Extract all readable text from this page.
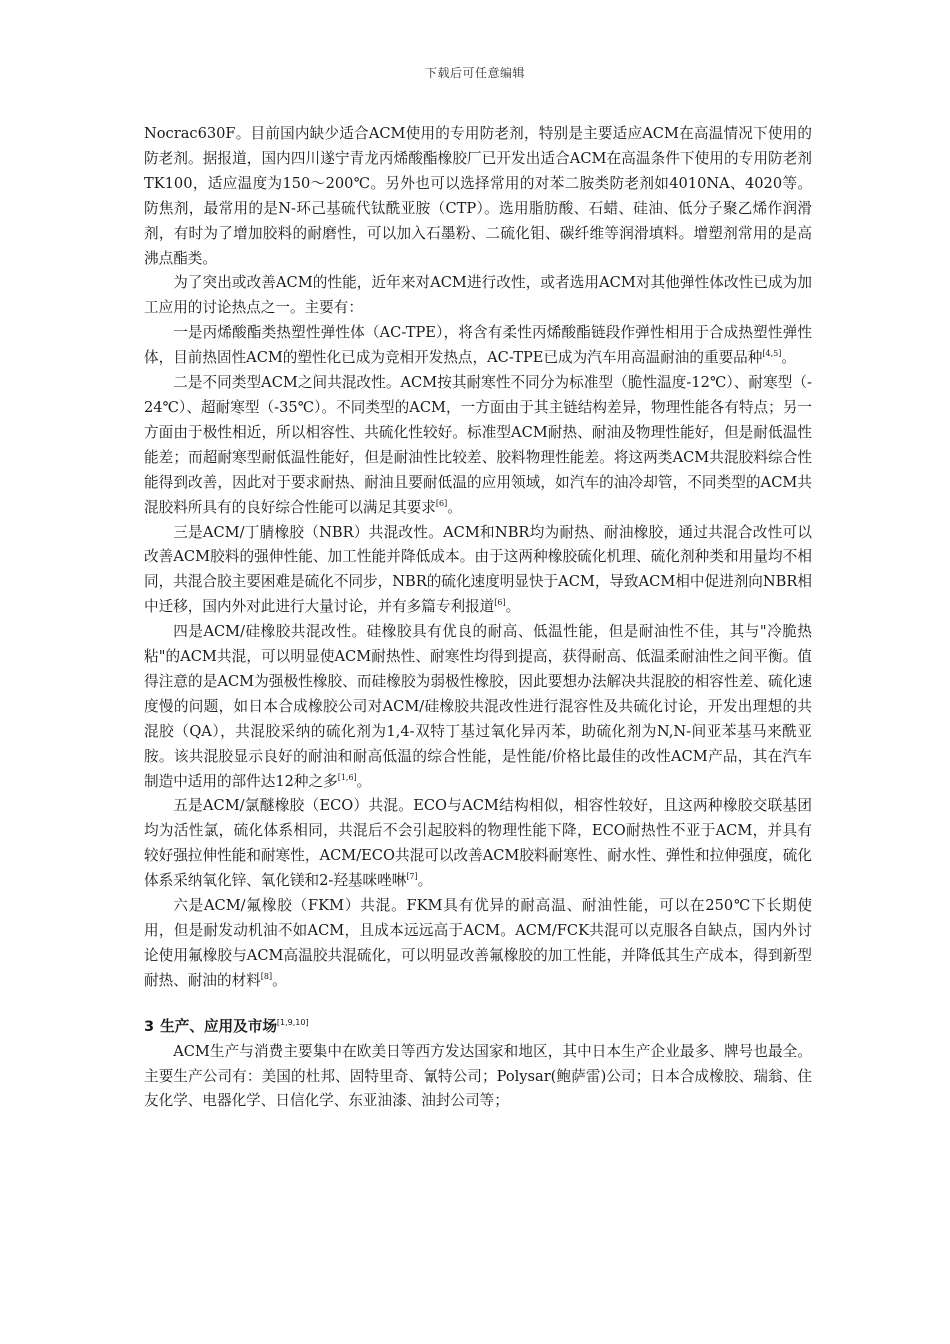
下载后可任意编辑

Nocrac630F。目前国内缺少适合ACM使用的专用防老剂，特别是主要适应ACM在高温情况下使用的防老剂。据报道，国内四川遂宁青龙丙烯酸酯橡胶厂已开发出适合ACM在高温条件下使用的专用防老剂TK100，适应温度为150～200℃。另外也可以选择常用的对苯二胺类防老剂如4010NA、4020等。防焦剂，最常用的是N-环己基硫代钛酰亚胺（CTP）。选用脂肪酸、石蜡、硅油、低分子聚乙烯作润滑剂，有时为了增加胶料的耐磨性，可以加入石墨粉、二硫化钼、碳纤维等润滑填料。增塑剂常用的是高沸点酯类。

为了突出或改善ACM的性能，近年来对ACM进行改性，或者选用ACM对其他弹性体改性已成为加工应用的讨论热点之一。主要有：

一是丙烯酸酯类热塑性弹性体（AC-TPE），将含有柔性丙烯酸酯链段作弹性相用于合成热塑性弹性体，目前热固性ACM的塑性化已成为竞相开发热点，AC-TPE已成为汽车用高温耐油的重要品种[4,5]。

二是不同类型ACM之间共混改性。ACM按其耐寒性不同分为标准型（脆性温度-12℃）、耐寒型（-24℃）、超耐寒型（-35℃）。不同类型的ACM，一方面由于其主链结构差异，物理性能各有特点；另一方面由于极性相近，所以相容性、共硫化性较好。标准型ACM耐热、耐油及物理性能好，但是耐低温性能差；而超耐寒型耐低温性能好，但是耐油性比较差、胶料物理性能差。将这两类ACM共混胶料综合性能得到改善，因此对于要求耐热、耐油且要耐低温的应用领域，如汽车的油冷却管，不同类型的ACM共混胶料所具有的良好综合性能可以满足其要求[6]。

三是ACM/丁腈橡胶（NBR）共混改性。ACM和NBR均为耐热、耐油橡胶，通过共混合改性可以改善ACM胶料的强伸性能、加工性能并降低成本。由于这两种橡胶硫化机理、硫化剂种类和用量均不相同，共混合胶主要困难是硫化不同步，NBR的硫化速度明显快于ACM，导致ACM相中促进剂向NBR相中迁移，国内外对此进行大量讨论，并有多篇专利报道[6]。

四是ACM/硅橡胶共混改性。硅橡胶具有优良的耐高、低温性能，但是耐油性不佳，其与"冷脆热粘"的ACM共混，可以明显使ACM耐热性、耐寒性均得到提高，获得耐高、低温柔耐油性之间平衡。值得注意的是ACM为强极性橡胶、而硅橡胶为弱极性橡胶，因此要想办法解决共混胶的相容性差、硫化速度慢的问题，如日本合成橡胶公司对ACM/硅橡胶共混改性进行混容性及共硫化讨论，开发出理想的共混胶（QA），共混胶采纳的硫化剂为1,4-双特丁基过氧化异丙苯，助硫化剂为N,N-间亚苯基马来酰亚胺。该共混胶显示良好的耐油和耐高低温的综合性能，是性能/价格比最佳的改性ACM产品，其在汽车制造中适用的部件达12种之多[1,6]。

五是ACM/氯醚橡胶（ECO）共混。ECO与ACM结构相似，相容性较好，且这两种橡胶交联基团均为活性氯，硫化体系相同，共混后不会引起胶料的物理性能下降，ECO耐热性不亚于ACM，并具有较好强拉伸性能和耐寒性，ACM/ECO共混可以改善ACM胶料耐寒性、耐水性、弹性和拉伸强度，硫化体系采纳氧化锌、氧化镁和2-羟基咪唑啉[7]。

六是ACM/氟橡胶（FKM）共混。FKM具有优异的耐高温、耐油性能，可以在250℃下长期使用，但是耐发动机油不如ACM，且成本远远高于ACM。ACM/FCK共混可以克服各自缺点，国内外讨论使用氟橡胶与ACM高温胶共混硫化，可以明显改善氟橡胶的加工性能，并降低其生产成本，得到新型耐热、耐油的材料[8]。

3 生产、应用及市场[1,9,10]

ACM生产与消费主要集中在欧美日等西方发达国家和地区，其中日本生产企业最多、牌号也最全。主要生产公司有：美国的杜邦、固特里奇、氰特公司；Polysar(鲍萨雷)公司；日本合成橡胶、瑞翁、住友化学、电器化学、日信化学、东亚油漆、油封公司等；
